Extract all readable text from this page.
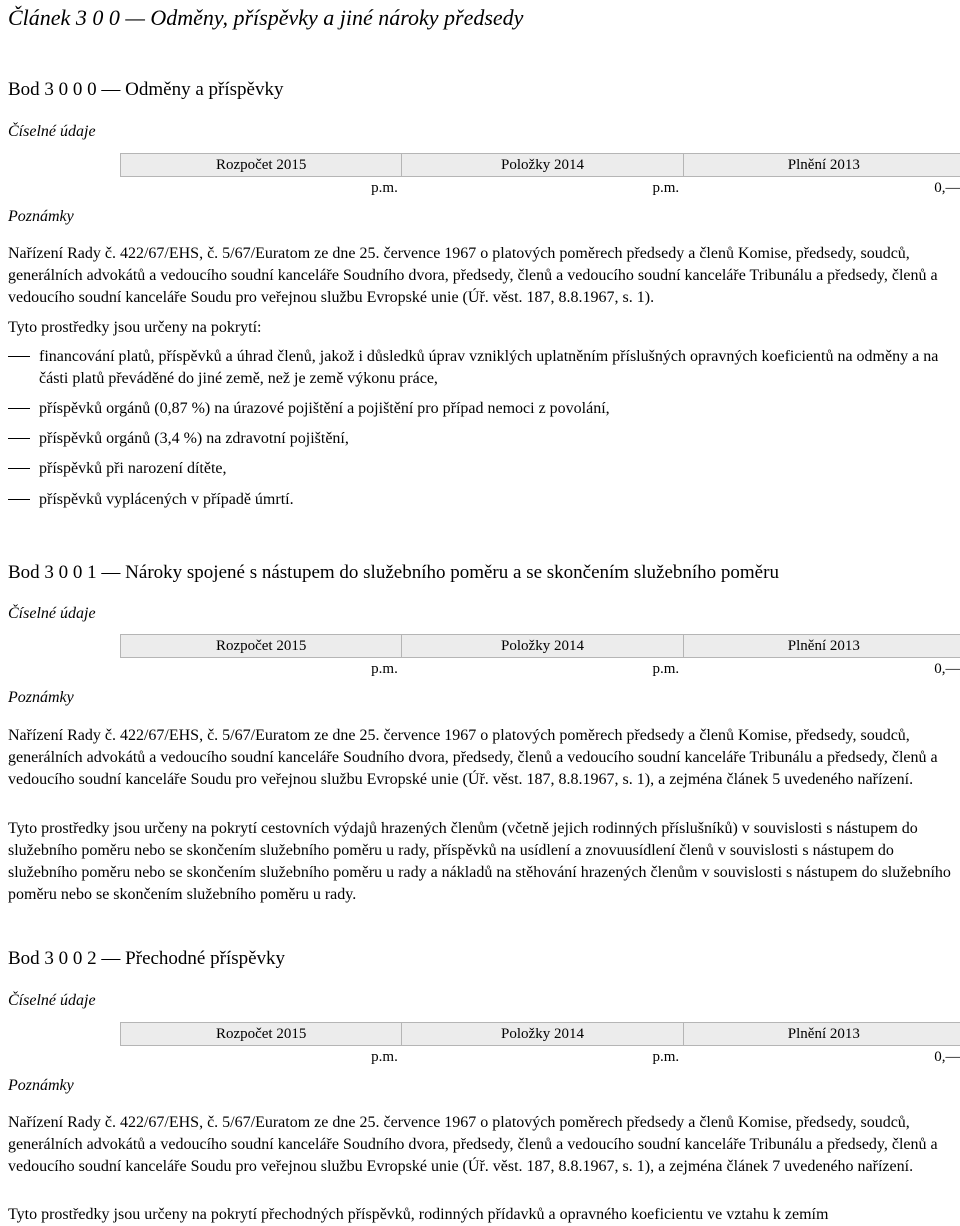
Článek 3 0 0 — Odměny, příspěvky a jiné nároky předsedy
Bod 3 0 0 0 — Odměny a příspěvky
Číselné údaje
Rozpočet 2015	Položky 2014	Plnění 2013
p.m.	p.m.	0,—
Poznámky

Nařízení Rady č. 422/67/EHS, č. 5/67/Euratom ze dne 25. července 1967 o platových poměrech předsedy a členů Komise, předsedy, soudců, generálních advokátů a vedoucího soudní kanceláře Soudního dvora, předsedy, členů a vedoucího soudní kanceláře Tribunálu a předsedy, členů a vedoucího soudní kanceláře Soudu pro veřejnou službu Evropské unie (Úř. věst. 187, 8.8.1967, s. 1).

Tyto prostředky jsou určeny na pokrytí:

financování platů, příspěvků a úhrad členů, jakož i důsledků úprav vzniklých uplatněním příslušných opravných koeficientů na odměny a na části platů převáděné do jiné země, než je země výkonu práce,
příspěvků orgánů (0,87 %) na úrazové pojištění a pojištění pro případ nemoci z povolání,
příspěvků orgánů (3,4 %) na zdravotní pojištění,
příspěvků při narození dítěte,
příspěvků vyplácených v případě úmrtí.
Bod 3 0 0 1 — Nároky spojené s nástupem do služebního poměru a se skončením služebního poměru
Číselné údaje
Rozpočet 2015	Položky 2014	Plnění 2013
p.m.	p.m.	0,—
Poznámky

Nařízení Rady č. 422/67/EHS, č. 5/67/Euratom ze dne 25. července 1967 o platových poměrech předsedy a členů Komise, předsedy, soudců, generálních advokátů a vedoucího soudní kanceláře Soudního dvora, předsedy, členů a vedoucího soudní kanceláře Tribunálu a předsedy, členů a vedoucího soudní kanceláře Soudu pro veřejnou službu Evropské unie (Úř. věst. 187, 8.8.1967, s. 1), a zejména článek 5 uvedeného nařízení.

Tyto prostředky jsou určeny na pokrytí cestovních výdajů hrazených členům (včetně jejich rodinných příslušníků) v souvislosti s nástupem do služebního poměru nebo se skončením služebního poměru u rady, příspěvků na usídlení a znovuusídlení členů v souvislosti s nástupem do služebního poměru nebo se skončením služebního poměru u rady a nákladů na stěhování hrazených členům v souvislosti s nástupem do služebního poměru nebo se skončením služebního poměru u rady.

Bod 3 0 0 2 — Přechodné příspěvky
Číselné údaje
Rozpočet 2015	Položky 2014	Plnění 2013
p.m.	p.m.	0,—
Poznámky

Nařízení Rady č. 422/67/EHS, č. 5/67/Euratom ze dne 25. července 1967 o platových poměrech předsedy a členů Komise, předsedy, soudců, generálních advokátů a vedoucího soudní kanceláře Soudního dvora, předsedy, členů a vedoucího soudní kanceláře Tribunálu a předsedy, členů a vedoucího soudní kanceláře Soudu pro veřejnou službu Evropské unie (Úř. věst. 187, 8.8.1967, s. 1), a zejména článek 7 uvedeného nařízení.

Tyto prostředky jsou určeny na pokrytí přechodných příspěvků, rodinných přídavků a opravného koeficientu ve vztahu k zemím
